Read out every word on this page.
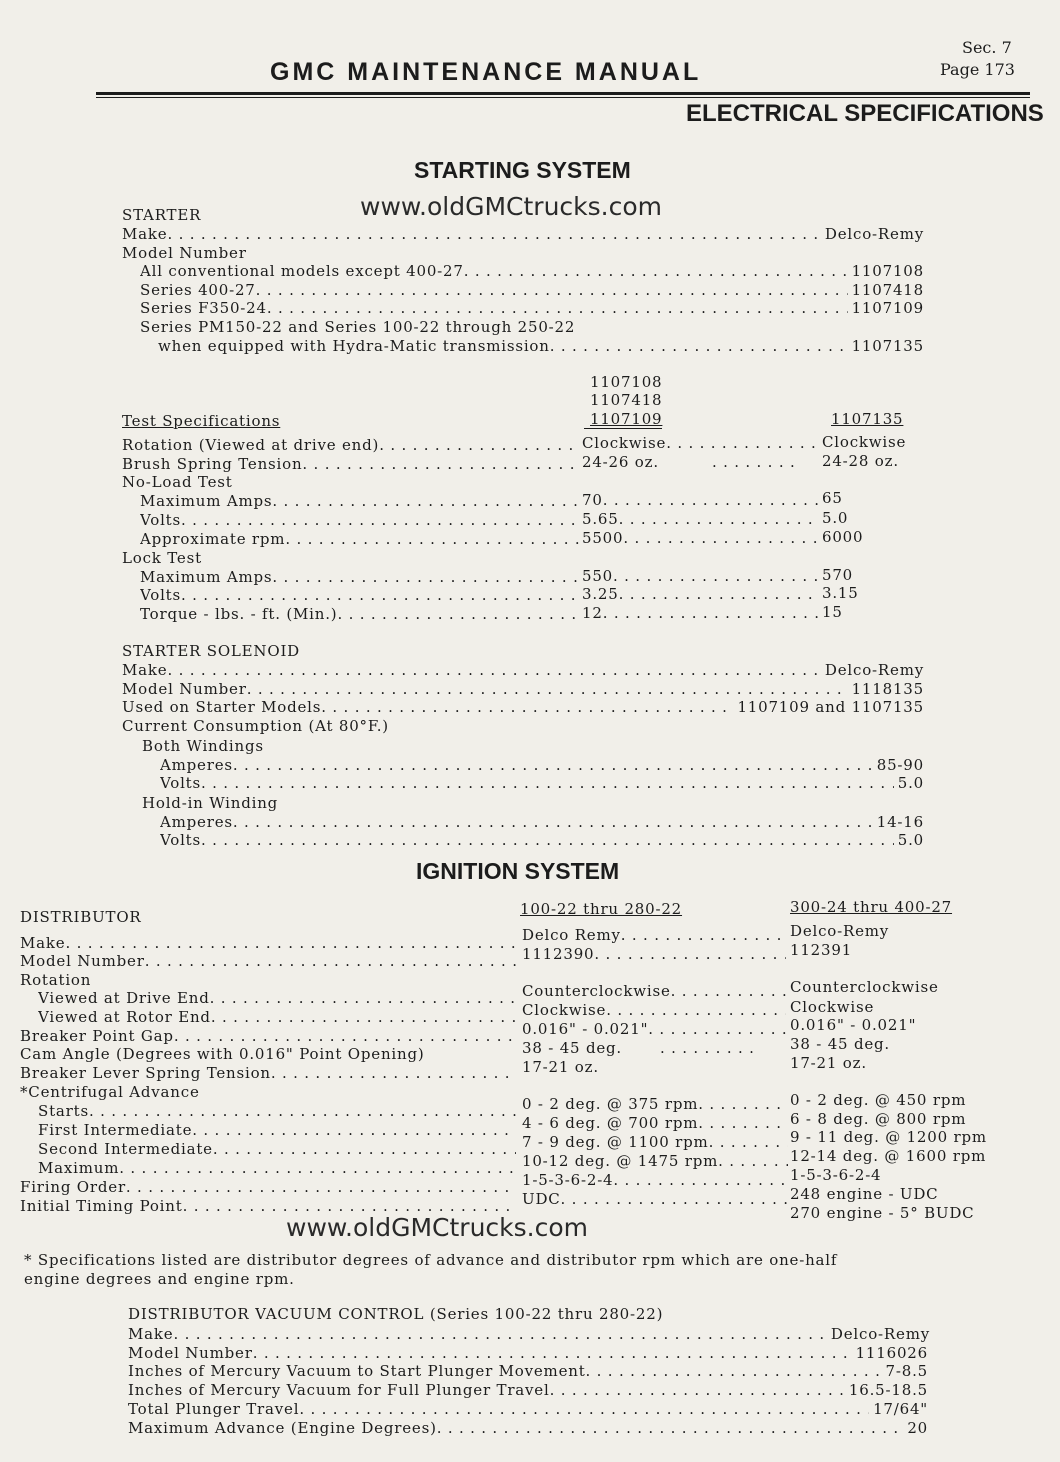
Sec. 7
Page 173
GMC MAINTENANCE MANUAL
ELECTRICAL SPECIFICATIONS
STARTING SYSTEM
www.oldGMCtrucks.com
STARTER
Make . . .	Delco-Remy
Model Number
All conventional models except 400-27 . . .	1107108
Series 400-27 . . .	1107418
Series F350-24 . . .	1107109
Series PM150-22 and Series 100-22 through 250-22
when equipped with Hydra-Matic transmission . . .	1107135
1107108
1107418
1107109	1107135
Test Specifications
Rotation (Viewed at drive end) . . .	Clockwise . . .	Clockwise
Brush Spring Tension . . .	24-26 oz.	. . . . . . . . 24-28 oz.
No-Load Test
Maximum Amps . . .	70 . . .	65
Volts . . .	5.65 . . .	5.0
Approximate rpm . . .	5500 . . .	6000
Lock Test
Maximum Amps . . .	550 . . .	570
Volts . . .	3.25 . . .	3.15
Torque - lbs. - ft. (Min.) . . .	12 . . .	15
STARTER SOLENOID
Make . . .	Delco-Remy
Model Number . . .	1118135
Used on Starter Models . . .	1107109 and 1107135
Current Consumption (At 80°F.)
Both Windings
Amperes . . .	85-90
Volts . . .	5.0
Hold-in Winding
Amperes . . .	14-16
Volts . . .	5.0
IGNITION SYSTEM
DISTRIBUTOR	100-22 thru 280-22	300-24 thru 400-27
Make . . .	Delco Remy . . .	Delco-Remy
Model Number . . .	1112390 . . .	112391
Rotation
Viewed at Drive End . . .	Counterclockwise . . .	Counterclockwise
Viewed at Rotor End . . .	Clockwise . . .	Clockwise
Breaker Point Gap . . .	0.016" - 0.021" . . .	0.016" - 0.021"
Cam Angle (Degrees with 0.016" Point Opening)	38 - 45 deg.	. . . . . . . . . 38 - 45 deg.
Breaker Lever Spring Tension . . .	17-21 oz.	17-21 oz.
*Centrifugal Advance
Starts . . .	0 - 2 deg. @ 375 rpm . . .	0 - 2 deg. @ 450 rpm
First Intermediate . . .	4 - 6 deg. @ 700 rpm . . .	6 - 8 deg. @ 800 rpm
Second Intermediate . . .	7 - 9 deg. @ 1100 rpm . . .	9 - 11 deg. @ 1200 rpm
Maximum . . .	10-12 deg. @ 1475 rpm . . .	12-14 deg. @ 1600 rpm
Firing Order . . .	1-5-3-6-2-4 . . .	1-5-3-6-2-4
Initial Timing Point . . .	UDC . . .	248 engine - UDC
270 engine - 5° BUDC
www.oldGMCtrucks.com
* Specifications listed are distributor degrees of advance and distributor rpm which are one-half
engine degrees and engine rpm.
DISTRIBUTOR VACUUM CONTROL (Series 100-22 thru 280-22)
Make . . .	Delco-Remy
Model Number . . .	1116026
Inches of Mercury Vacuum to Start Plunger Movement . . .	7-8.5
Inches of Mercury Vacuum for Full Plunger Travel . . .	16.5-18.5
Total Plunger Travel . . .	17/64"
Maximum Advance (Engine Degrees) . . .	20
